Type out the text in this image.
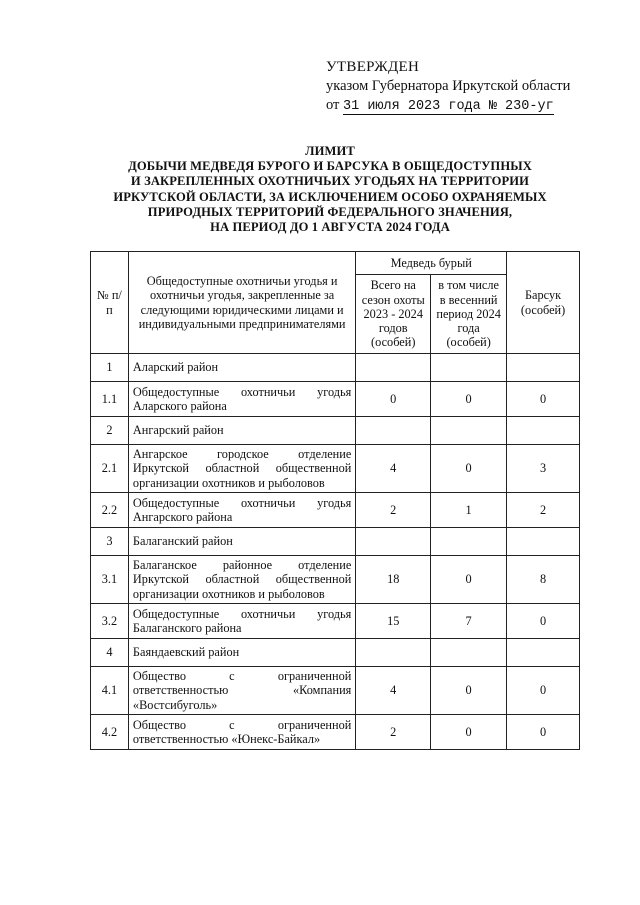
УТВЕРЖДЕН
указом Губернатора Иркутской области
от 31 июля 2023 года № 230-уг
ЛИМИТ
ДОБЫЧИ МЕДВЕДЯ БУРОГО И БАРСУКА В ОБЩЕДОСТУПНЫХ
И ЗАКРЕПЛЕННЫХ ОХОТНИЧЬИХ УГОДЬЯХ НА ТЕРРИТОРИИ
ИРКУТСКОЙ ОБЛАСТИ, ЗА ИСКЛЮЧЕНИЕМ ОСОБО ОХРАНЯЕМЫХ
ПРИРОДНЫХ ТЕРРИТОРИЙ ФЕДЕРАЛЬНОГО ЗНАЧЕНИЯ,
НА ПЕРИОД ДО 1 АВГУСТА 2024 ГОДА
№ п/п	Общедоступные охотничьи угодья и охотничьи угодья, закрепленные за следующими юридическими лицами и индивидуальными предпринимателями	Медведь бурый		Барсук (особей)
		Всего на сезон охоты 2023 - 2024 годов (особей)	в том числе в весенний период 2024 года (особей)	
1	Аларский район			
1.1	Общедоступные охотничьи угодья Аларского района	0	0	0
2	Ангарский район			
2.1	Ангарское городское отделение Иркутской областной общественной организации охотников и рыболовов	4	0	3
2.2	Общедоступные охотничьи угодья Ангарского района	2	1	2
3	Балаганский район			
3.1	Балаганское районное отделение Иркутской областной общественной организации охотников и рыболовов	18	0	8
3.2	Общедоступные охотничьи угодья Балаганского района	15	7	0
4	Баяндаевский район			
4.1	Общество с ограниченной ответственностью «Компания «Востсибуголь»	4	0	0
4.2	Общество с ограниченной ответственностью «Юнекс-Байкал»	2	0	0
